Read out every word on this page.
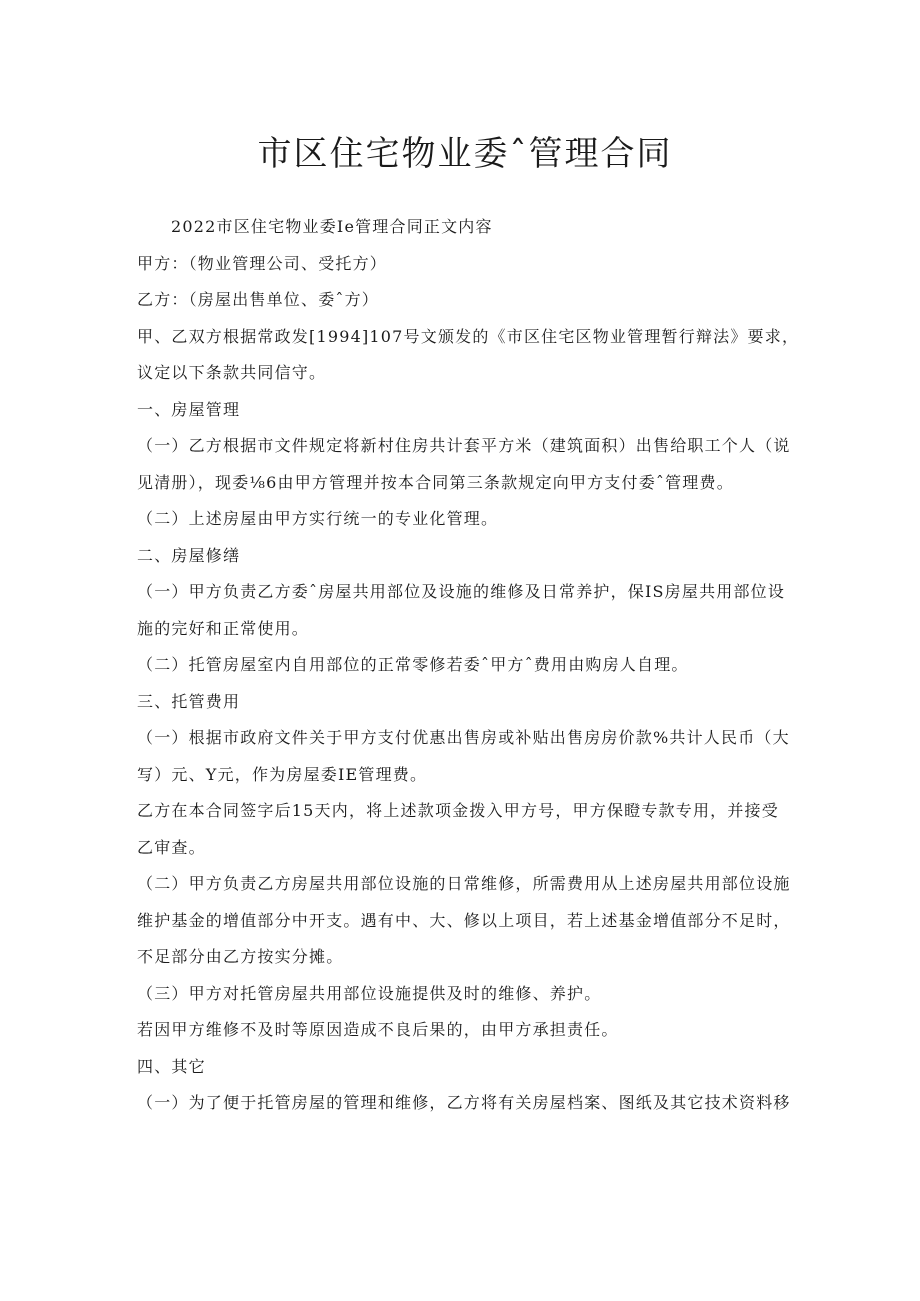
市区住宅物业委ˆ管理合同

2022市区住宅物业委Ie管理合同正文内容

甲方：（物业管理公司、受托方）

乙方：（房屋出售单位、委ˆ方）

甲、乙双方根据常政发[1994]107号文颁发的《市区住宅区物业管理暂行辩法》要求，

议定以下条款共同信守。

一、房屋管理

（一）乙方根据市文件规定将新村住房共计套平方米（建筑面积）出售给职工个人（说

见清册），现委⅛6由甲方管理并按本合同第三条款规定向甲方支付委ˆ管理费。

（二）上述房屋由甲方实行统一的专业化管理。

二、房屋修缮

（一）甲方负责乙方委ˆ房屋共用部位及设施的维修及日常养护，保IS房屋共用部位设

施的完好和正常使用。

（二）托管房屋室内自用部位的正常零修若委ˆ甲方ˆ费用由购房人自理。

三、托管费用

（一）根据市政府文件关于甲方支付优惠出售房或补贴出售房房价款%共计人民币（大

写）元、Y元，作为房屋委IE管理费。

乙方在本合同签字后15天内，将上述款项金拨入甲方号，甲方保瞪专款专用，并接受

乙审查。

（二）甲方负责乙方房屋共用部位设施的日常维修，所需费用从上述房屋共用部位设施

维护基金的增值部分中开支。遇有中、大、修以上项目，若上述基金增值部分不足时，

不足部分由乙方按实分摊。

（三）甲方对托管房屋共用部位设施提供及时的维修、养护。

若因甲方维修不及时等原因造成不良后果的，由甲方承担责任。

四、其它

（一）为了便于托管房屋的管理和维修，乙方将有关房屋档案、图纸及其它技术资料移
